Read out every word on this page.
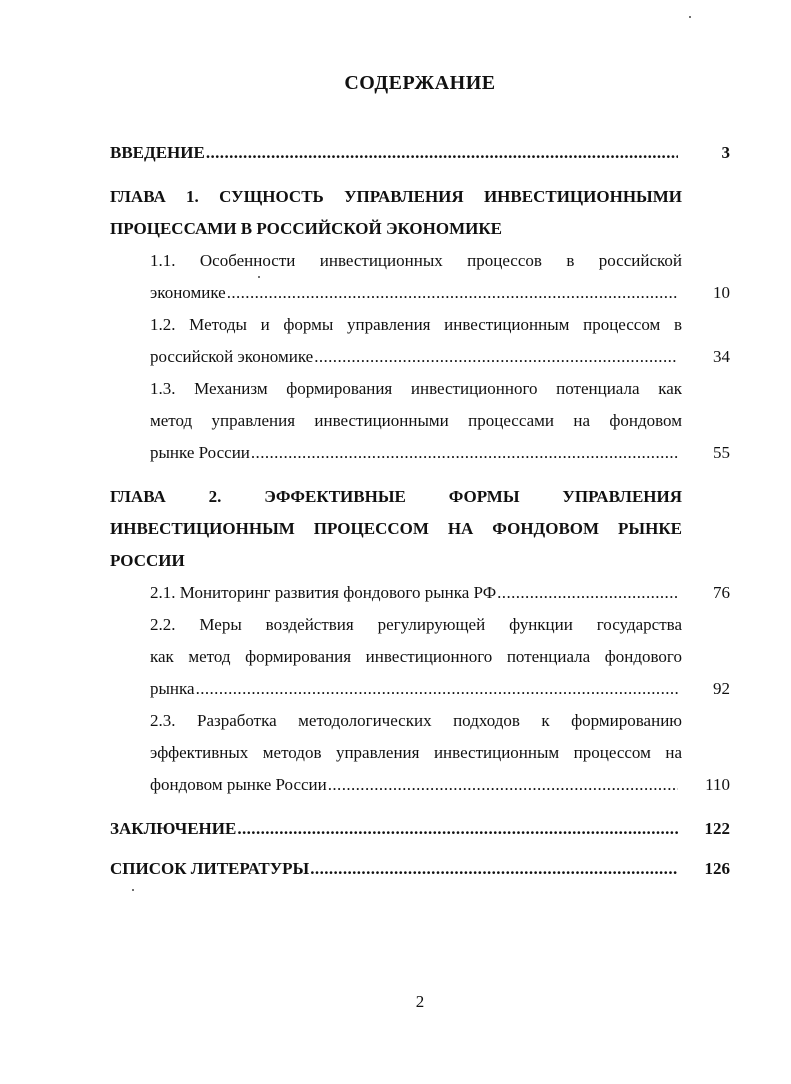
СОДЕРЖАНИЕ
ВВЕДЕНИЕ .....	3
ГЛАВА 1. СУЩНОСТЬ УПРАВЛЕНИЯ ИНВЕСТИЦИОННЫМИ
ПРОЦЕССАМИ В РОССИЙСКОЙ ЭКОНОМИКЕ
1.1. Особенности инвестиционных процессов в российской
экономике .....	10
1.2. Методы и формы управления инвестиционным процессом в
российской экономике .....	34
1.3. Механизм формирования инвестиционного потенциала как
метод управления инвестиционными процессами на фондовом
рынке России .....	55
ГЛАВА 2. ЭФФЕКТИВНЫЕ ФОРМЫ УПРАВЛЕНИЯ
ИНВЕСТИЦИОННЫМ ПРОЦЕССОМ НА ФОНДОВОМ РЫНКЕ
РОССИИ
2.1. Мониторинг развития фондового рынка РФ .....	76
2.2. Меры воздействия регулирующей функции государства
как метод формирования инвестиционного потенциала фондового
рынка .....	92
2.3. Разработка методологических подходов к формированию
эффективных методов управления инвестиционным процессом на
фондовом рынке России .....	110
ЗАКЛЮЧЕНИЕ .....	122
СПИСОК ЛИТЕРАТУРЫ .....	126
2
